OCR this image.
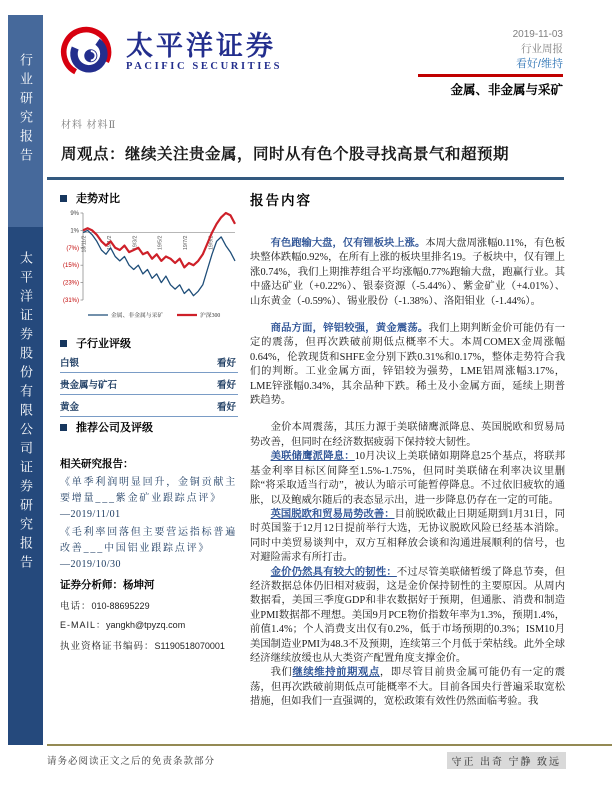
行业研究报告
太平洋证券股份有限公司证券研究报告
太平洋证券
PACIFIC SECURITIES
2019-11-03
行业周报
看好/维持
金属、非金属与采矿
材料 材料Ⅱ
周观点：继续关注贵金属，同时从有色个股寻找高景气和超预期
走势对比
9%
1%
(7%)
(15%)
(23%)
(31%)
18/11/2	19/1/2	19/3/2	19/5/2	19/7/2	19/9/2
金属、非金属与采矿	沪深300
子行业评级
白银	看好
贵金属与矿石	看好
黄金	看好
推荐公司及评级
相关研究报告：
《单季利润明显回升，金铜贡献主要增量___紫金矿业跟踪点评》
—2019/11/01
《毛利率回落但主要营运指标普遍改善___中国铝业跟踪点评》
—2019/10/30
证券分析师：杨坤河
电话：010-88695229
E-MAIL：yangkh@tpyzq.com
执业资格证书编码：S1190518070001
报告内容

有色跑输大盘，仅有锂板块上涨。本周大盘周涨幅0.11%，有色板块整体跌幅0.92%，在所有上涨的板块里排名19。子板块中，仅有锂上涨0.74%，我们上期推荐组合平均涨幅0.77%跑输大盘，跑赢行业。其中盛达矿业（+0.22%）、银泰资源（-5.44%）、紫金矿业（+4.01%）、山东黄金（-0.59%）、锡业股份（-1.38%）、洛阳钼业（-1.44%）。

商品方面，锌铝较强，黄金震荡。我们上期判断金价可能仍有一定的震荡，但再次跌破前期低点概率不大。本周COMEX金周涨幅0.64%，伦敦现货和SHFE金分别下跌0.31%和0.17%，整体走势符合我们的判断。工业金属方面，锌铝较为强势，LME铝周涨幅3.17%，LME锌涨幅0.34%，其余品种下跌。稀土及小金属方面，延续上期普跌趋势。

金价本周震荡，其压力源于美联储鹰派降息、英国脱欧和贸易局势改善，但同时在经济数据疲弱下保持较大韧性。

美联储鹰派降息：10月决议上美联储如期降息25个基点，将联邦基金利率目标区间降至1.5%-1.75%，但同时美联储在利率决议里删除“将采取适当行动”，被认为暗示可能暂停降息。不过依旧疲软的通胀，以及鲍威尔随后的表态显示出，进一步降息仍存在一定的可能。

英国脱欧和贸易局势改善：目前脱欧截止日期延期到1月31日，同时英国鉴于12月12日提前举行大选，无协议脱欧风险已经基本消除。同时中美贸易谈判中，双方互相释放会谈和沟通进展顺利的信号，也对避险需求有所打击。

金价仍然具有较大的韧性：不过尽管美联储暂缓了降息节奏，但经济数据总体仍旧相对疲弱，这是金价保持韧性的主要原因。从周内数据看，美国三季度GDP和非农数据好于预期，但通胀、消费和制造业PMI数据都不理想。美国9月PCE物价指数年率为1.3%，预期1.4%，前值1.4%；个人消费支出仅有0.2%，低于市场预期的0.3%；ISM10月美国制造业PMI为48.3不及预期，连续第三个月低于荣枯线。此外全球经济继续放缓也从大类资产配置角度支撑金价。

我们继续维持前期观点，即尽管目前贵金属可能仍有一定的震荡，但再次跌破前期低点可能概率不大。目前各国央行普遍采取宽松措施，但如我们一直强调的，宽松政策有效性仍然面临考验。我

请务必阅读正文之后的免责条款部分	守正 出奇 宁静 致远
